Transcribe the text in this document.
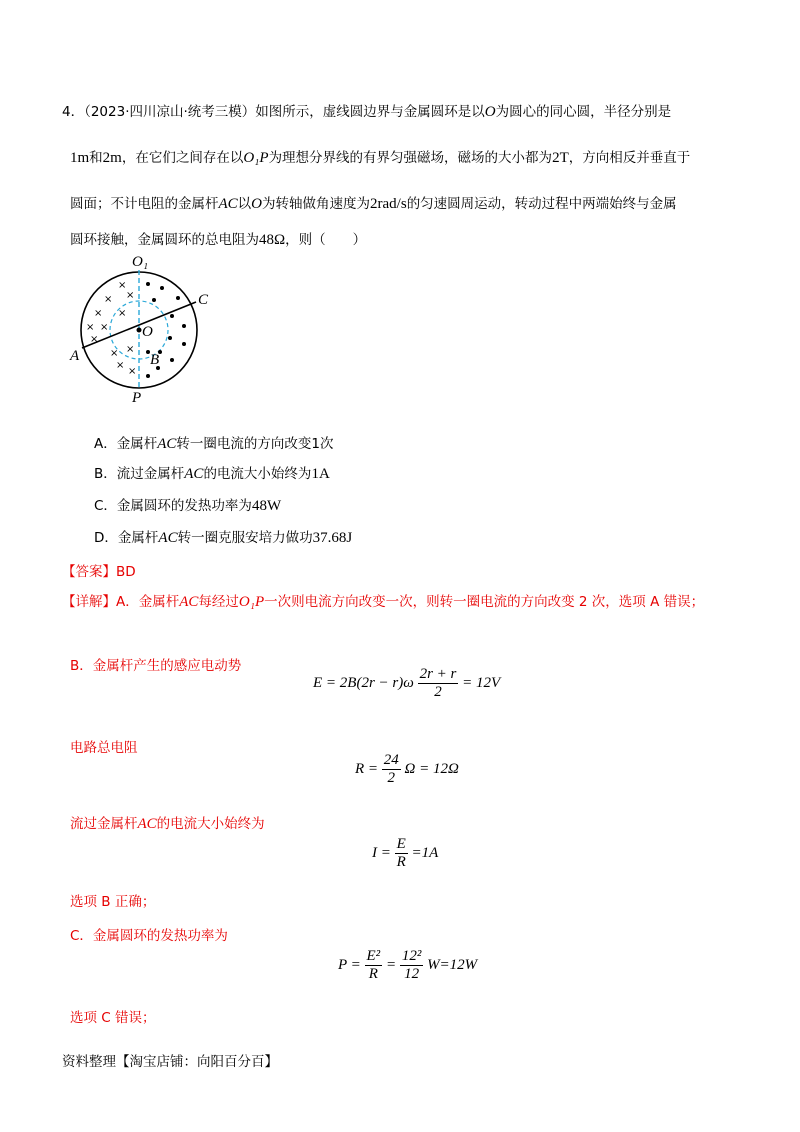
4．（2023·四川凉山·统考三模）如图所示，虚线圆边界与金属圆环是以O为圆心的同心圆，半径分别是
1m和2m，在它们之间存在以O₁P为理想分界线的有界匀强磁场，磁场的大小都为2T，方向相反并垂直于
圆面；不计电阻的金属杆AC以O为转轴做角速度为2rad/s的匀速圆周运动，转动过程中两端始终与金属
圆环接触，金属圆环的总电阻为48Ω，则（　　）
×
×
×
× ×
× ×
×
× ×
×
×
O₁
C
O
A	B
P
A．金属杆AC转一圈电流的方向改变1次
B．流过金属杆AC的电流大小始终为1A
C．金属圆环的发热功率为48W
D．金属杆AC转一圈克服安培力做功37.68J
【答案】BD
【详解】A．金属杆AC每经过O₁P一次则电流方向改变一次，则转一圈电流的方向改变 2 次，选项 A 错误；
B．金属杆产生的感应电动势
$E = 2B(2r - r)\omega \frac{2r + r}{2} = 12V$
电路总电阻
$R = \frac{24}{2}$ Ω = 12Ω
流过金属杆AC的电流大小始终为
$I = \frac{E}{R} =1A$
选项 B 正确；
C．金属圆环的发热功率为
$P = \frac{\text{E²}}{R} = \frac{\text{12²}}{12} W=12W$
选项 C 错误；
资料整理【淘宝店铺：向阳百分百】
